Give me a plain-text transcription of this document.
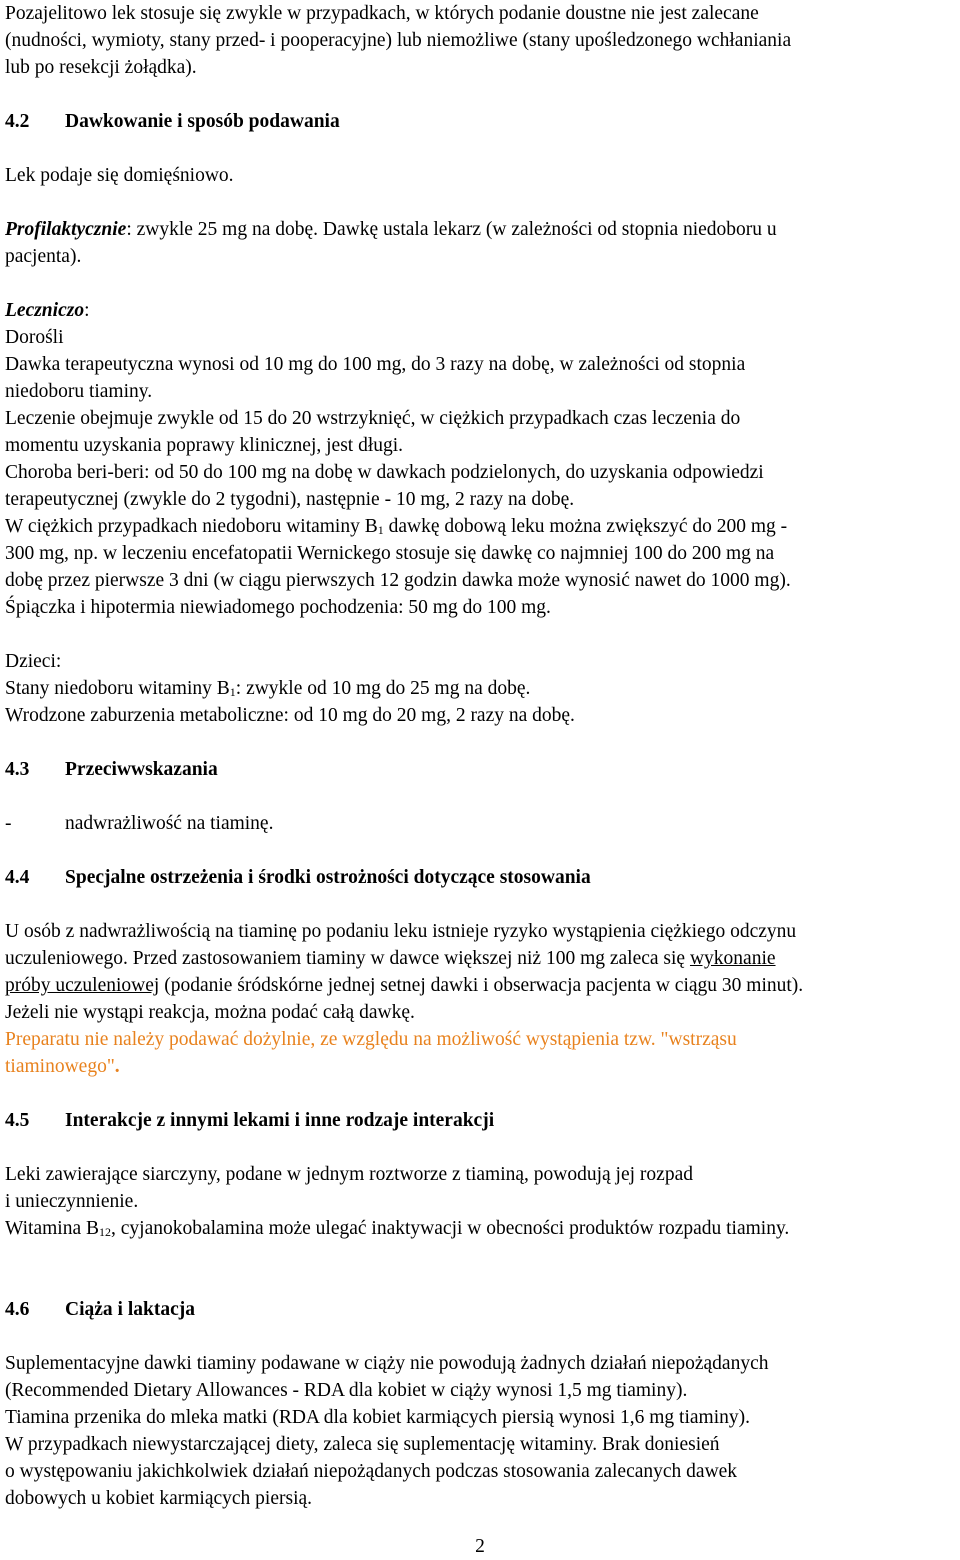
Pozajelitowo lek stosuje się zwykle w przypadkach, w których podanie doustne nie jest zalecane

(nudności, wymioty, stany przed- i pooperacyjne) lub niemożliwe (stany upośledzonego wchłaniania

lub po resekcji żołądka).

4.2	Dawkowanie i sposób podawania

Lek podaje się domięśniowo.

Profilaktycznie: zwykle 25 mg na dobę. Dawkę ustala lekarz (w zależności od stopnia niedoboru u

pacjenta).

Leczniczo:

Dorośli

Dawka terapeutyczna wynosi od 10 mg do 100 mg, do 3 razy na dobę, w zależności od stopnia

niedoboru tiaminy.

Leczenie obejmuje zwykle od 15 do 20 wstrzyknięć, w ciężkich przypadkach czas leczenia do

momentu uzyskania poprawy klinicznej, jest długi.

Choroba beri-beri: od 50 do 100 mg na dobę w dawkach podzielonych, do uzyskania odpowiedzi

terapeutycznej (zwykle do 2 tygodni), następnie - 10 mg, 2 razy na dobę.

W ciężkich przypadkach niedoboru witaminy $B_1$ dawkę dobową leku można zwiększyć do 200 mg -

300 mg, np. w leczeniu encefatopatii Wernickego stosuje się dawkę co najmniej 100 do 200 mg na

dobę przez pierwsze 3 dni (w ciągu pierwszych 12 godzin dawka może wynosić nawet do 1000 mg).

Śpiączka i hipotermia niewiadomego pochodzenia: 50 mg do 100 mg.

Dzieci:

Stany niedoboru witaminy $B_1$: zwykle od 10 mg do 25 mg na dobę.

Wrodzone zaburzenia metaboliczne: od 10 mg do 20 mg, 2 razy na dobę.

4.3	Przeciwwskazania
-	nadwrażliwość na tiaminę.
4.4	Specjalne ostrzeżenia i środki ostrożności dotyczące stosowania

U osób z nadwrażliwością na tiaminę po podaniu leku istnieje ryzyko wystąpienia ciężkiego odczynu

uczuleniowego. Przed zastosowaniem tiaminy w dawce większej niż 100 mg zaleca się wykonanie

próby uczuleniowej (podanie śródskórne jednej setnej dawki i obserwacja pacjenta w ciągu 30 minut).

Jeżeli nie wystąpi reakcja, można podać całą dawkę.

Preparatu nie należy podawać dożylnie, ze względu na możliwość wystąpienia tzw. "wstrząsu

tiaminowego".

4.5	Interakcje z innymi lekami i inne rodzaje interakcji

Leki zawierające siarczyny, podane w jednym roztworze z tiaminą, powodują jej rozpad

i unieczynnienie.

Witamina $B_{12}$, cyjanokobalamina może ulegać inaktywacji w obecności produktów rozpadu tiaminy.

4.6	Ciąża i laktacja

Suplementacyjne dawki tiaminy podawane w ciąży nie powodują żadnych działań niepożądanych

(Recommended Dietary Allowances - RDA dla kobiet w ciąży wynosi 1,5 mg tiaminy).

Tiamina przenika do mleka matki (RDA dla kobiet karmiących piersią wynosi 1,6 mg tiaminy).

W przypadkach niewystarczającej diety, zaleca się suplementację witaminy. Brak doniesień

o występowaniu jakichkolwiek działań niepożądanych podczas stosowania zalecanych dawek

dobowych u kobiet karmiących piersią.

2
